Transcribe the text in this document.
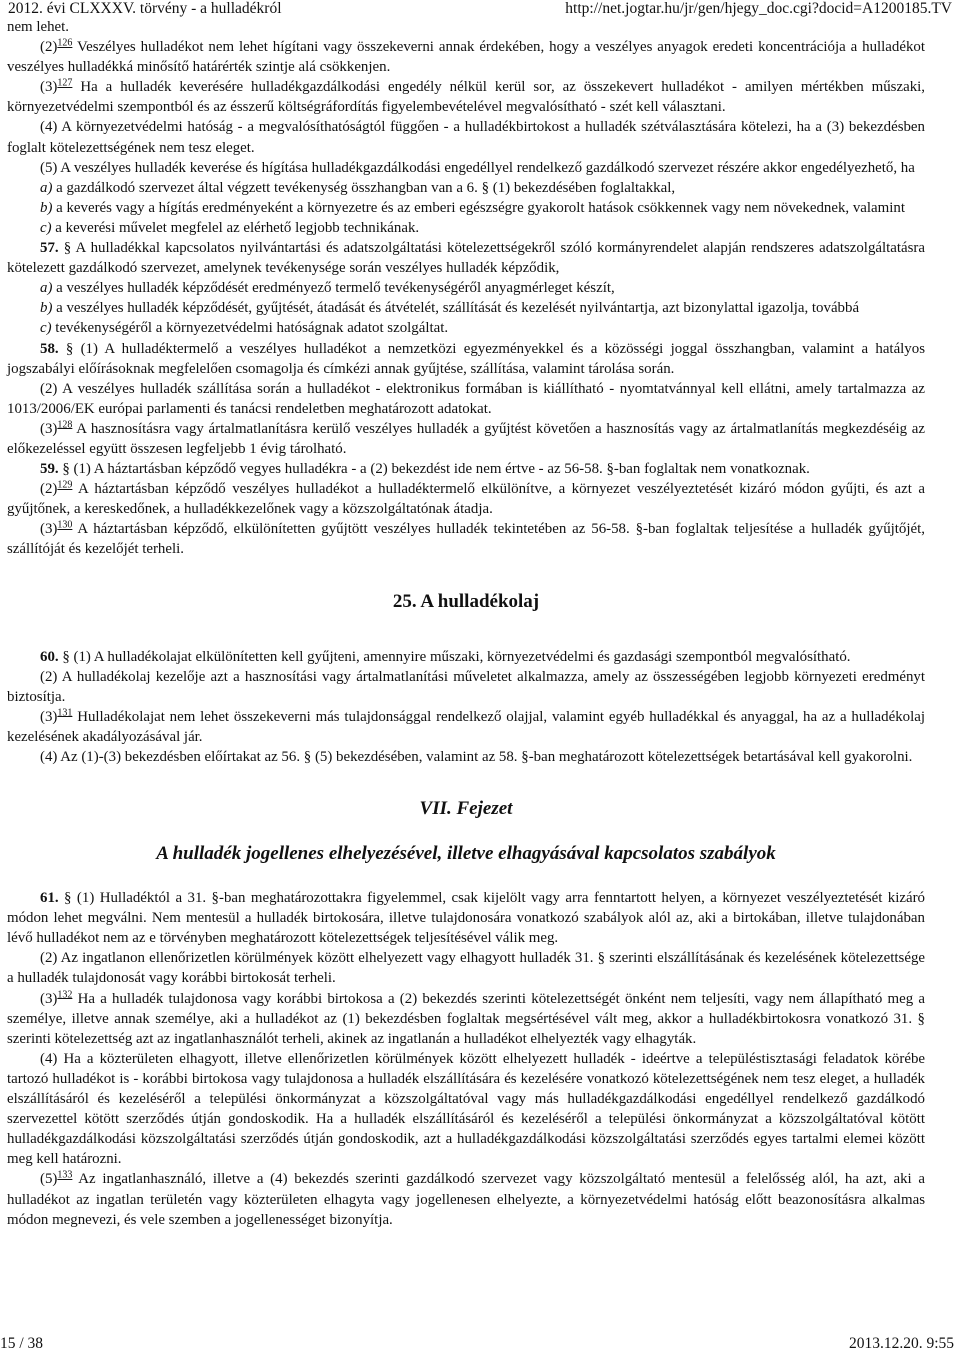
2012. évi CLXXXV. törvény - a hulladékról	http://net.jogtar.hu/jr/gen/hjegy_doc.cgi?docid=A1200185.TV

nem lehet.

$(2)^{126}$ Veszélyes hulladékot nem lehet hígítani vagy összekeverni annak érdekében, hogy a veszélyes anyagok eredeti koncentrációja a hulladékot veszélyes hulladékká minősítő határérték szintje alá csökkenjen.

$(3)^{127}$ Ha a hulladék keverésére hulladékgazdálkodási engedély nélkül kerül sor, az összekevert hulladékot - amilyen mértékben műszaki, környezetvédelmi szempontból és az ésszerű költségráfordítás figyelembevételével megvalósítható - szét kell választani.

(4) A környezetvédelmi hatóság - a megvalósíthatóságtól függően - a hulladékbirtokost a hulladék szétválasztására kötelezi, ha a (3) bekezdésben foglalt kötelezettségének nem tesz eleget.

(5) A veszélyes hulladék keverése és hígítása hulladékgazdálkodási engedéllyel rendelkező gazdálkodó szervezet részére akkor engedélyezhető, ha

a) a gazdálkodó szervezet által végzett tevékenység összhangban van a 6. § (1) bekezdésében foglaltakkal,

b) a keverés vagy a hígítás eredményeként a környezetre és az emberi egészségre gyakorolt hatások csökkennek vagy nem növekednek, valamint

c) a keverési művelet megfelel az elérhető legjobb technikának.

57. § A hulladékkal kapcsolatos nyilvántartási és adatszolgáltatási kötelezettségekről szóló kormányrendelet alapján rendszeres adatszolgáltatásra kötelezett gazdálkodó szervezet, amelynek tevékenysége során veszélyes hulladék képződik,

a) a veszélyes hulladék képződését eredményező termelő tevékenységéről anyagmérleget készít,

b) a veszélyes hulladék képződését, gyűjtését, átadását és átvételét, szállítását és kezelését nyilvántartja, azt bizonylattal igazolja, továbbá

c) tevékenységéről a környezetvédelmi hatóságnak adatot szolgáltat.

58. § (1) A hulladéktermelő a veszélyes hulladékot a nemzetközi egyezményekkel és a közösségi joggal összhangban, valamint a hatályos jogszabályi előírásoknak megfelelően csomagolja és címkézi annak gyűjtése, szállítása, valamint tárolása során.

(2) A veszélyes hulladék szállítása során a hulladékot - elektronikus formában is kiállítható - nyomtatvánnyal kell ellátni, amely tartalmazza az 1013/2006/EK európai parlamenti és tanácsi rendeletben meghatározott adatokat.

$(3)^{128}$ A hasznosításra vagy ártalmatlanításra kerülő veszélyes hulladék a gyűjtést követően a hasznosítás vagy az ártalmatlanítás megkezdéséig az előkezeléssel együtt összesen legfeljebb 1 évig tárolható.

59. § (1) A háztartásban képződő vegyes hulladékra - a (2) bekezdést ide nem értve - az 56-58. §-ban foglaltak nem vonatkoznak.

$(2)^{129}$ A háztartásban képződő veszélyes hulladékot a hulladéktermelő elkülönítve, a környezet veszélyeztetését kizáró módon gyűjti, és azt a gyűjtőnek, a kereskedőnek, a hulladékkezelőnek vagy a közszolgáltatónak átadja.

$(3)^{130}$ A háztartásban képződő, elkülönítetten gyűjtött veszélyes hulladék tekintetében az 56-58. §-ban foglaltak teljesítése a hulladék gyűjtőjét, szállítóját és kezelőjét terheli.

25. A hulladékolaj

60. § (1) A hulladékolajat elkülönítetten kell gyűjteni, amennyire műszaki, környezetvédelmi és gazdasági szempontból megvalósítható.

(2) A hulladékolaj kezelője azt a hasznosítási vagy ártalmatlanítási műveletet alkalmazza, amely az összességében legjobb környezeti eredményt biztosítja.

$(3)^{131}$ Hulladékolajat nem lehet összekeverni más tulajdonsággal rendelkező olajjal, valamint egyéb hulladékkal és anyaggal, ha az a hulladékolaj kezelésének akadályozásával jár.

(4) Az (1)-(3) bekezdésben előírtakat az 56. § (5) bekezdésében, valamint az 58. §-ban meghatározott kötelezettségek betartásával kell gyakorolni.

VII. Fejezet

A hulladék jogellenes elhelyezésével, illetve elhagyásával kapcsolatos szabályok

61. § (1) Hulladéktól a 31. §-ban meghatározottakra figyelemmel, csak kijelölt vagy arra fenntartott helyen, a környezet veszélyeztetését kizáró módon lehet megválni. Nem mentesül a hulladék birtokosára, illetve tulajdonosára vonatkozó szabályok alól az, aki a birtokában, illetve tulajdonában lévő hulladékot nem az e törvényben meghatározott kötelezettségek teljesítésével válik meg.

(2) Az ingatlanon ellenőrizetlen körülmények között elhelyezett vagy elhagyott hulladék 31. § szerinti elszállításának és kezelésének kötelezettsége a hulladék tulajdonosát vagy korábbi birtokosát terheli.

$(3)^{132}$ Ha a hulladék tulajdonosa vagy korábbi birtokosa a (2) bekezdés szerinti kötelezettségét önként nem teljesíti, vagy nem állapítható meg a személye, illetve annak személye, aki a hulladékot az (1) bekezdésben foglaltak megsértésével vált meg, akkor a hulladékbirtokosra vonatkozó 31. § szerinti kötelezettség azt az ingatlanhasználót terheli, akinek az ingatlanán a hulladékot elhelyezték vagy elhagyták.

(4) Ha a közterületen elhagyott, illetve ellenőrizetlen körülmények között elhelyezett hulladék - ideértve a településtisztasági feladatok körébe tartozó hulladékot is - korábbi birtokosa vagy tulajdonosa a hulladék elszállítására és kezelésére vonatkozó kötelezettségének nem tesz eleget, a hulladék elszállításáról és kezeléséről a települési önkormányzat a közszolgáltatóval vagy más hulladékgazdálkodási engedéllyel rendelkező gazdálkodó szervezettel kötött szerződés útján gondoskodik. Ha a hulladék elszállításáról és kezeléséről a települési önkormányzat a közszolgáltatóval kötött hulladékgazdálkodási közszolgáltatási szerződés útján gondoskodik, azt a hulladékgazdálkodási közszolgáltatási szerződés egyes tartalmi elemei között meg kell határozni.

$(5)^{133}$ Az ingatlanhasználó, illetve a (4) bekezdés szerinti gazdálkodó szervezet vagy közszolgáltató mentesül a felelősség alól, ha azt, aki a hulladékot az ingatlan területén vagy közterületen elhagyta vagy jogellenesen elhelyezte, a környezetvédelmi hatóság előtt beazonosításra alkalmas módon megnevezi, és vele szemben a jogellenességet bizonyítja.

15 / 38	2013.12.20. 9:55
